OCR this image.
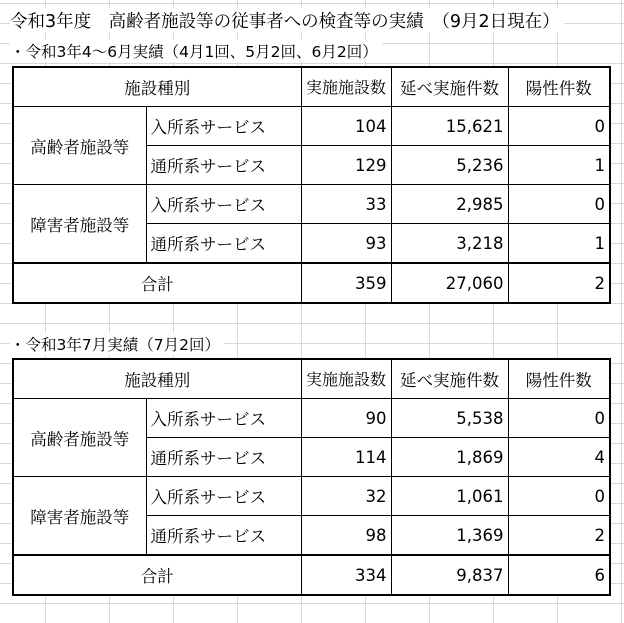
令和3年度　高齢者施設等の従事者への検査等の実績　（9月2日現在）
・令和3年4～6月実績（4月1回、5月2回、6月2回）
施設種別		実施施設数	延べ実施件数	陽性件数
高齢者施設等	入所系サービス	104	15,621	0
	通所系サービス	129	5,236	1
障害者施設等	入所系サービス	33	2,985	0
	通所系サービス	93	3,218	1
合計		359	27,060	2
・令和3年7月実績（7月2回）
施設種別		実施施設数	延べ実施件数	陽性件数
高齢者施設等	入所系サービス	90	5,538	0
	通所系サービス	114	1,869	4
障害者施設等	入所系サービス	32	1,061	0
	通所系サービス	98	1,369	2
合計		334	9,837	6
